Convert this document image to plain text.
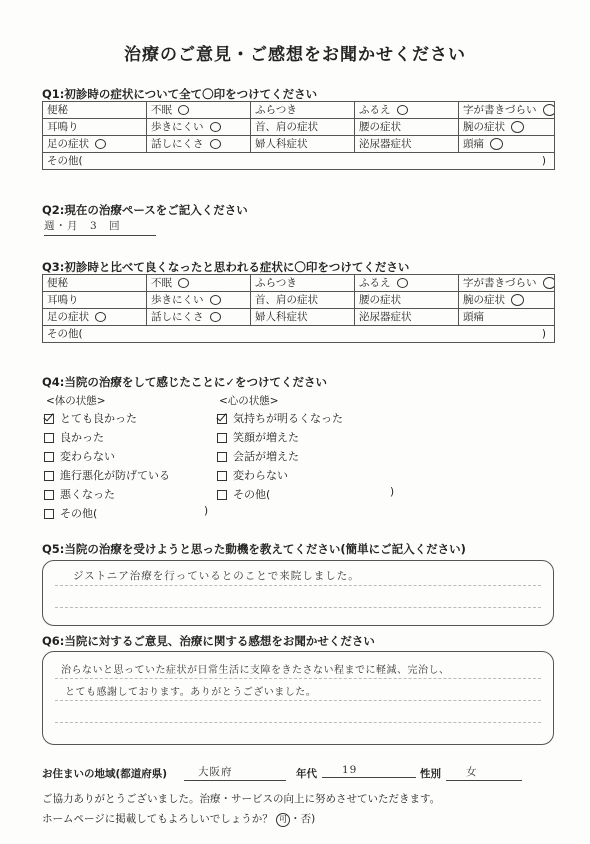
治療のご意見・ご感想をお聞かせください
Q1:初診時の症状について全て〇印をつけてください
便秘	不眠	ふらつき	ふるえ	字が書きづらい
耳鳴り	歩きにくい	首、肩の症状	腰の症状	腕の症状
足の症状	話しにくさ	婦人科症状	泌尿器症状	頭痛
その他( )				
Q2:現在の治療ペースをご記入ください
週・月　3　回
Q3:初診時と比べて良くなったと思われる症状に〇印をつけてください
便秘	不眠	ふらつき	ふるえ	字が書きづらい
耳鳴り	歩きにくい	首、肩の症状	腰の症状	腕の症状
足の症状	話しにくさ	婦人科症状	泌尿器症状	頭痛
その他( )				
Q4:当院の治療をして感じたことに✓をつけてください
<体の状態>	<心の状態>
とても良かった
良かった
変わらない
進行悪化が防げている
悪くなった
その他(
気持ちが明るくなった
笑顔が増えた
会話が増えた
変わらない
その他(
)
)
Q5:当院の治療を受けようと思った動機を教えてください(簡単にご記入ください)
ジストニア治療を行っているとのことで来院しました。
Q6:当院に対するご意見、治療に関する感想をお聞かせください
治らないと思っていた症状が日常生活に支障をきたさない程までに軽減、完治し、
とても感謝しております。ありがとうございました。
お住まいの地域(都道府県)	大阪府	年代	19	性別	女
ご協力ありがとうございました。治療・サービスの向上に努めさせていただきます。
ホームページに掲載してもよろしいでしょうか？ 可 ・否)
